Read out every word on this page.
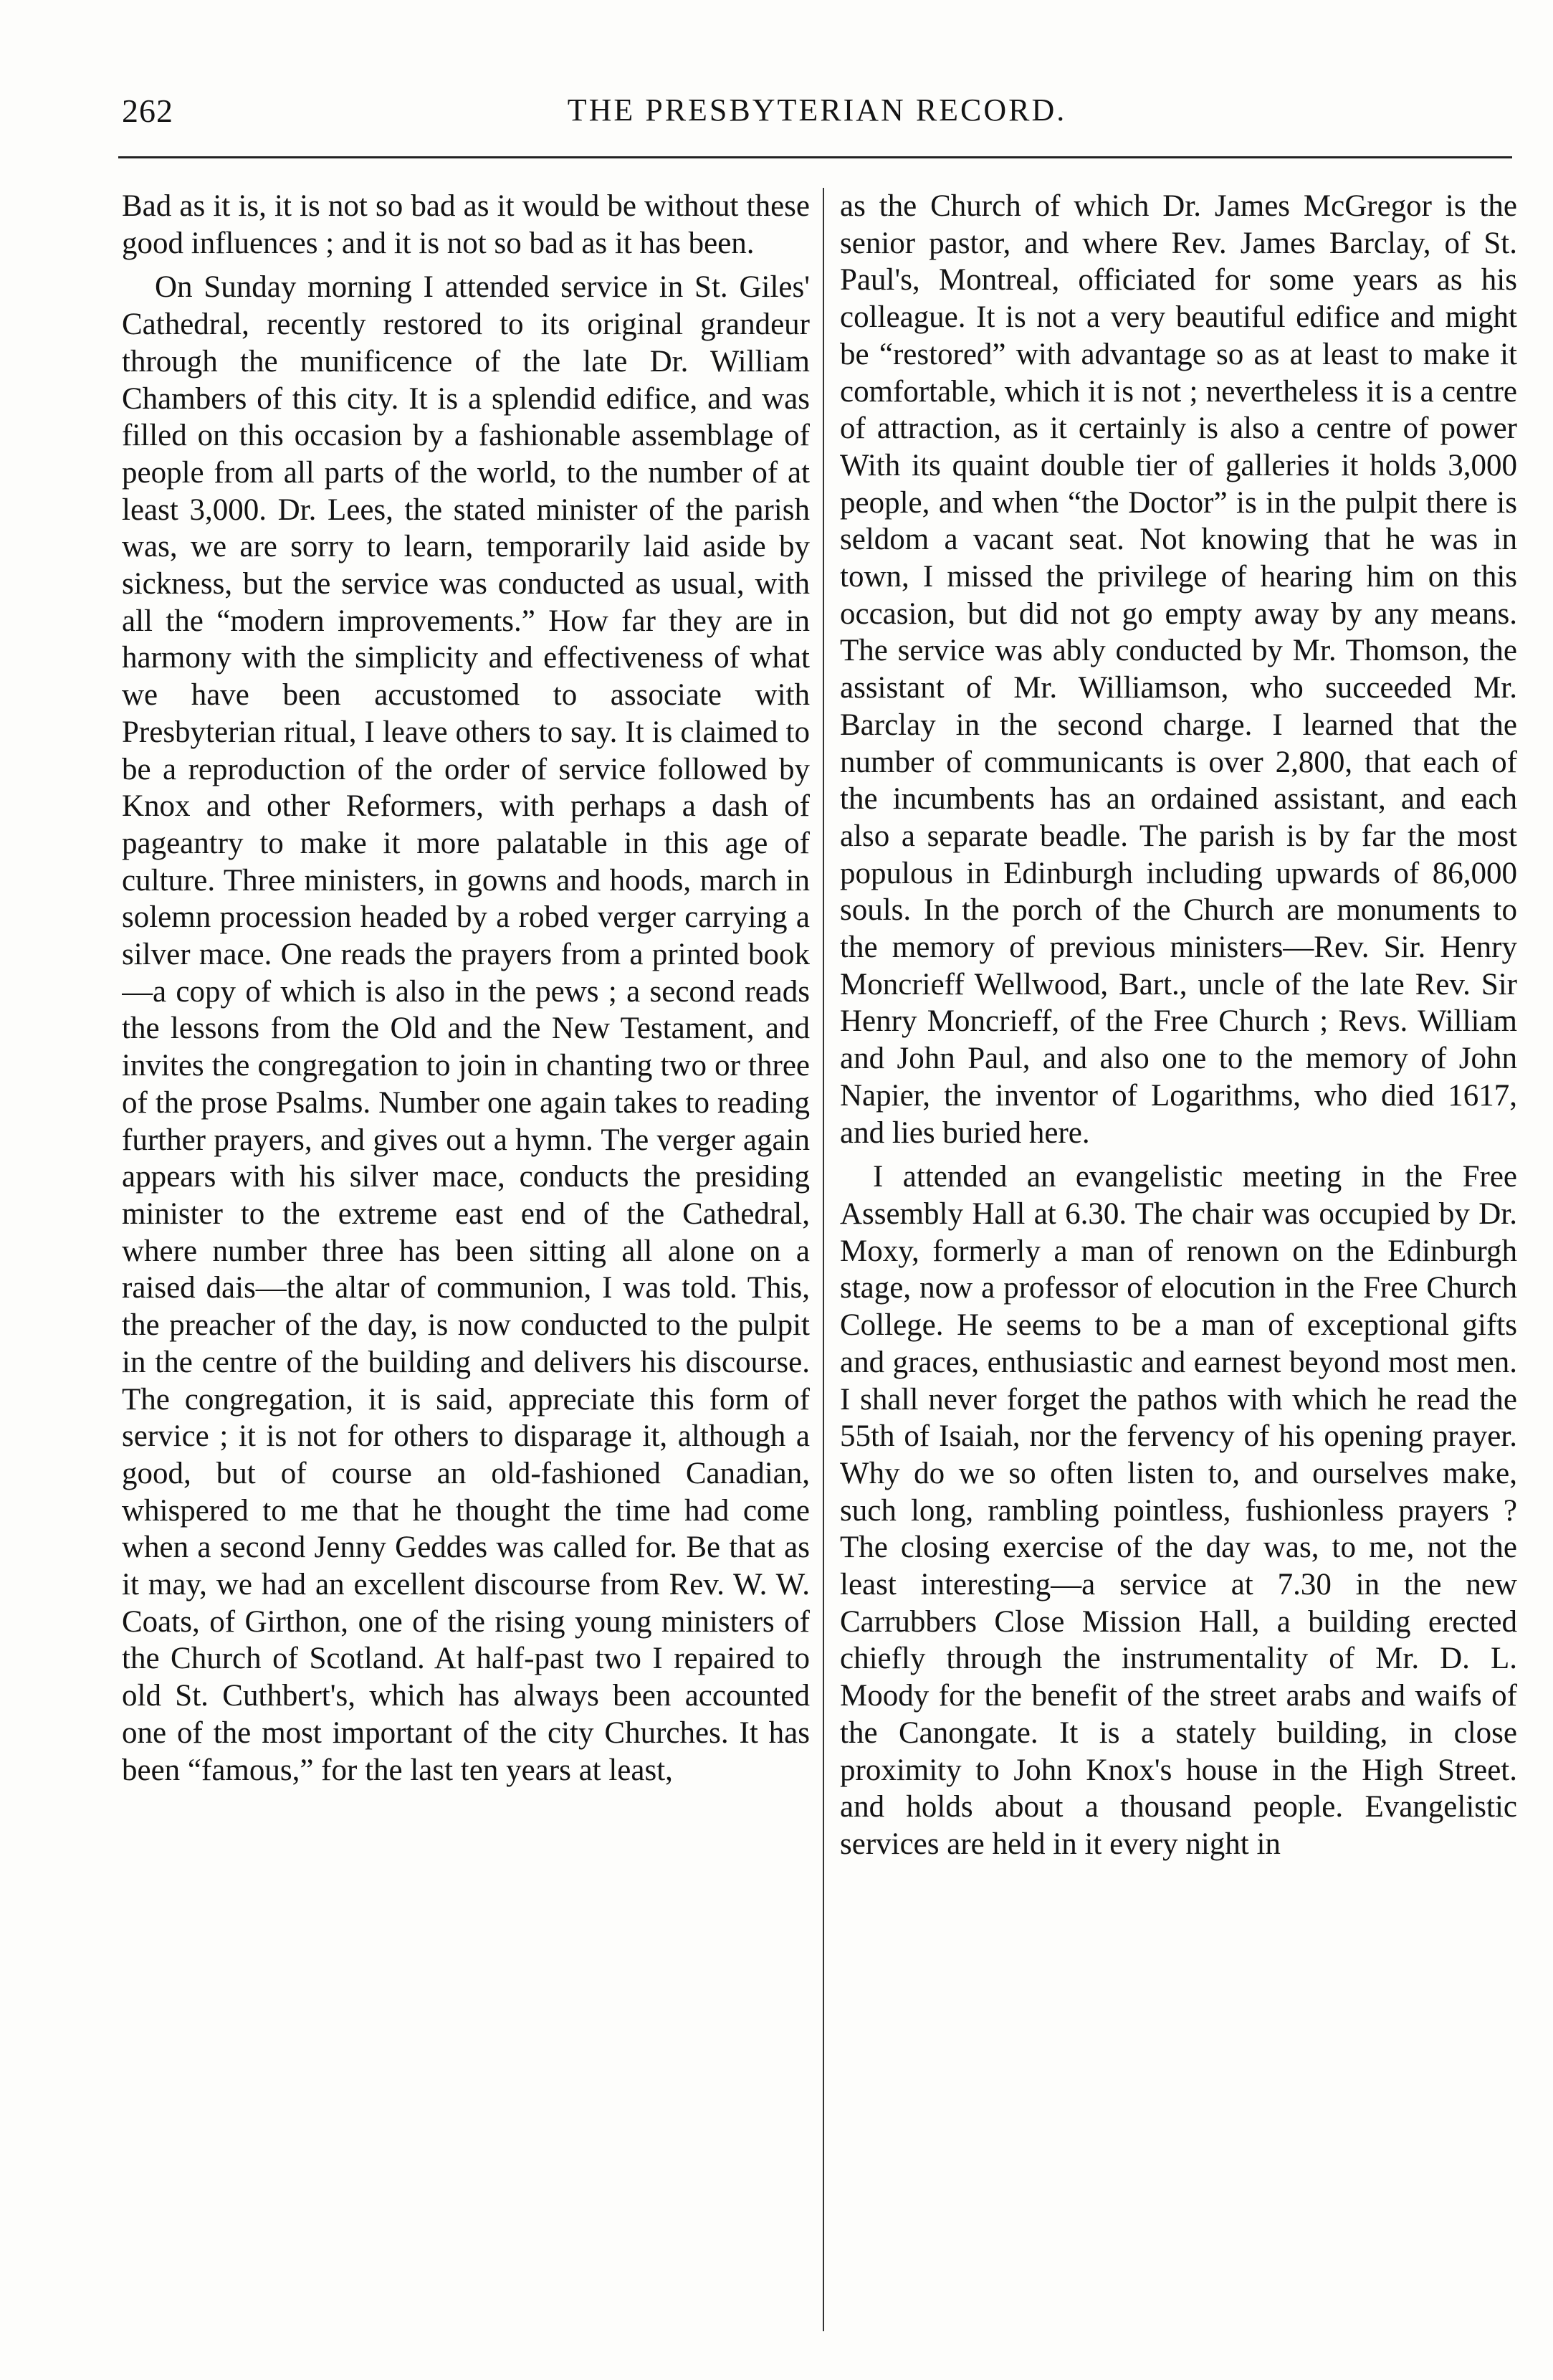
262	THE PRESBYTERIAN RECORD.

Bad as it is, it is not so bad as it would be without these good influences ; and it is not so bad as it has been.

On Sunday morning I attended service in St. Giles' Cathedral, recently restored to its original grandeur through the munificence of the late Dr. William Chambers of this city. It is a splendid edifice, and was filled on this occasion by a fashionable assemblage of people from all parts of the world, to the number of at least 3,000. Dr. Lees, the stated minister of the parish was, we are sorry to learn, temporarily laid aside by sickness, but the service was conducted as usual, with all the “modern improvements.” How far they are in harmony with the simplicity and effectiveness of what we have been accustomed to associate with Presbyterian ritual, I leave others to say. It is claimed to be a reproduction of the order of service followed by Knox and other Reformers, with perhaps a dash of pageantry to make it more palatable in this age of culture. Three ministers, in gowns and hoods, march in solemn procession headed by a robed verger carrying a silver mace. One reads the prayers from a printed book—a copy of which is also in the pews ; a second reads the lessons from the Old and the New Testament, and invites the congregation to join in chanting two or three of the prose Psalms. Number one again takes to reading further prayers, and gives out a hymn. The verger again appears with his silver mace, conducts the presiding minister to the extreme east end of the Cathedral, where number three has been sitting all alone on a raised dais—the altar of communion, I was told. This, the preacher of the day, is now conducted to the pulpit in the centre of the building and delivers his discourse. The congregation, it is said, appreciate this form of service ; it is not for others to disparage it, although a good, but of course an old-fashioned Canadian, whispered to me that he thought the time had come when a second Jenny Geddes was called for. Be that as it may, we had an excellent discourse from Rev. W. W. Coats, of Girthon, one of the rising young ministers of the Church of Scotland. At half-past two I repaired to old St. Cuthbert's, which has always been accounted one of the most important of the city Churches. It has been “famous,” for the last ten years at least,

as the Church of which Dr. James McGregor is the senior pastor, and where Rev. James Barclay, of St. Paul's, Montreal, officiated for some years as his colleague. It is not a very beautiful edifice and might be “restored” with advantage so as at least to make it comfortable, which it is not ; nevertheless it is a centre of attraction, as it certainly is also a centre of power With its quaint double tier of galleries it holds 3,000 people, and when “the Doctor” is in the pulpit there is seldom a vacant seat. Not knowing that he was in town, I missed the privilege of hearing him on this occasion, but did not go empty away by any means. The service was ably conducted by Mr. Thomson, the assistant of Mr. Williamson, who succeeded Mr. Barclay in the second charge. I learned that the number of communicants is over 2,800, that each of the incumbents has an ordained assistant, and each also a separate beadle. The parish is by far the most populous in Edinburgh including upwards of 86,000 souls. In the porch of the Church are monuments to the memory of previous ministers—Rev. Sir. Henry Moncrieff Wellwood, Bart., uncle of the late Rev. Sir Henry Moncrieff, of the Free Church ; Revs. William and John Paul, and also one to the memory of John Napier, the inventor of Logarithms, who died 1617, and lies buried here.

I attended an evangelistic meeting in the Free Assembly Hall at 6.30. The chair was occupied by Dr. Moxy, formerly a man of renown on the Edinburgh stage, now a professor of elocution in the Free Church College. He seems to be a man of exceptional gifts and graces, enthusiastic and earnest beyond most men. I shall never forget the pathos with which he read the 55th of Isaiah, nor the fervency of his opening prayer. Why do we so often listen to, and ourselves make, such long, rambling pointless, fushionless prayers ? The closing exercise of the day was, to me, not the least interesting—a service at 7.30 in the new Carrubbers Close Mission Hall, a building erected chiefly through the instrumentality of Mr. D. L. Moody for the benefit of the street arabs and waifs of the Canongate. It is a stately building, in close proximity to John Knox's house in the High Street. and holds about a thousand people. Evangelistic services are held in it every night in
